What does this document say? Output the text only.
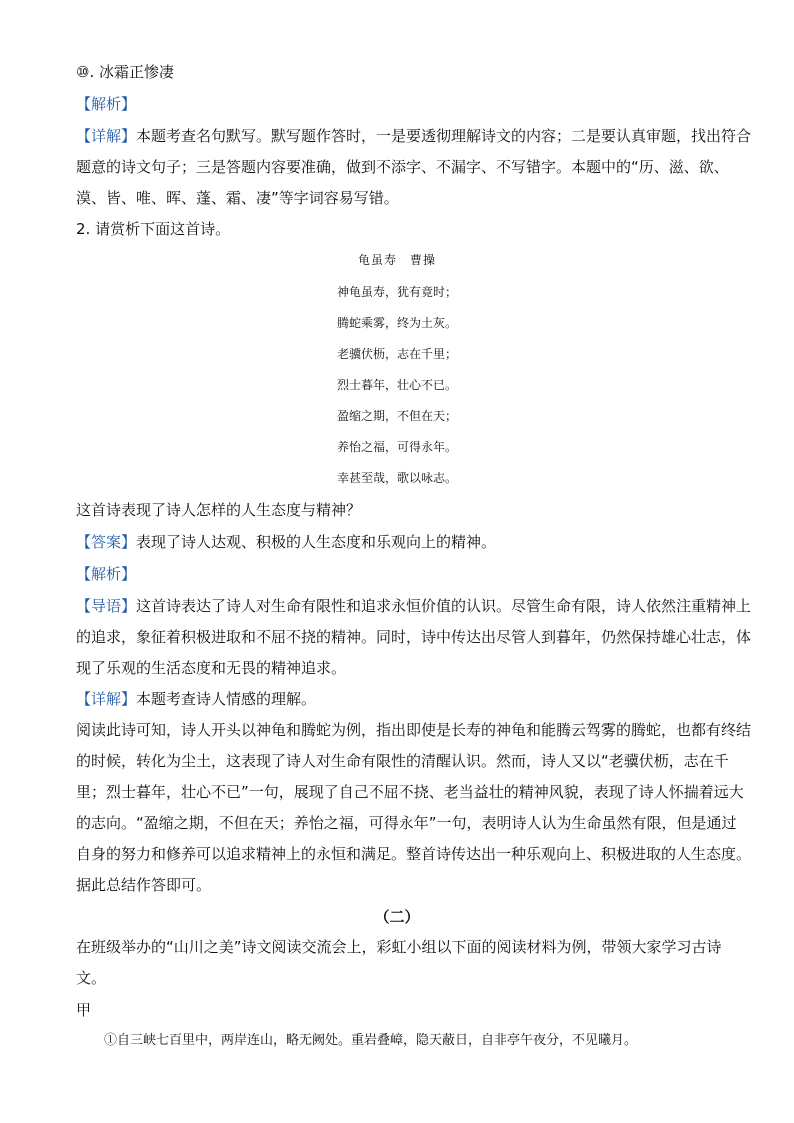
⑩. 冰霜正惨凄
【解析】
【详解】本题考查名句默写。默写题作答时，一是要透彻理解诗文的内容；二是要认真审题，找出符合
题意的诗文句子；三是答题内容要准确，做到不添字、不漏字、不写错字。本题中的“历、滋、欲、
漠、皆、唯、晖、蓬、霜、凄”等字词容易写错。
2. 请赏析下面这首诗。
龟虽寿　曹操
神龟虽寿，犹有竟时；
腾蛇乘雾，终为土灰。
老骥伏枥，志在千里；
烈士暮年，壮心不已。
盈缩之期，不但在天；
养怡之福，可得永年。
幸甚至哉，歌以咏志。
这首诗表现了诗人怎样的人生态度与精神？
【答案】表现了诗人达观、积极的人生态度和乐观向上的精神。
【解析】
【导语】这首诗表达了诗人对生命有限性和追求永恒价值的认识。尽管生命有限，诗人依然注重精神上
的追求，象征着积极进取和不屈不挠的精神。同时，诗中传达出尽管人到暮年，仍然保持雄心壮志，体
现了乐观的生活态度和无畏的精神追求。
【详解】本题考查诗人情感的理解。
阅读此诗可知，诗人开头以神龟和腾蛇为例，指出即使是长寿的神龟和能腾云驾雾的腾蛇，也都有终结
的时候，转化为尘土，这表现了诗人对生命有限性的清醒认识。然而，诗人又以“老骥伏枥，志在千
里；烈士暮年，壮心不已”一句，展现了自己不屈不挠、老当益壮的精神风貌，表现了诗人怀揣着远大
的志向。“盈缩之期，不但在天；养怡之福，可得永年”一句，表明诗人认为生命虽然有限，但是通过
自身的努力和修养可以追求精神上的永恒和满足。整首诗传达出一种乐观向上、积极进取的人生态度。
据此总结作答即可。
（二）
在班级举办的“山川之美”诗文阅读交流会上，彩虹小组以下面的阅读材料为例，带领大家学习古诗
文。
甲
①自三峡七百里中，两岸连山，略无阙处。重岩叠嶂，隐天蔽日，自非亭午夜分，不见曦月。
